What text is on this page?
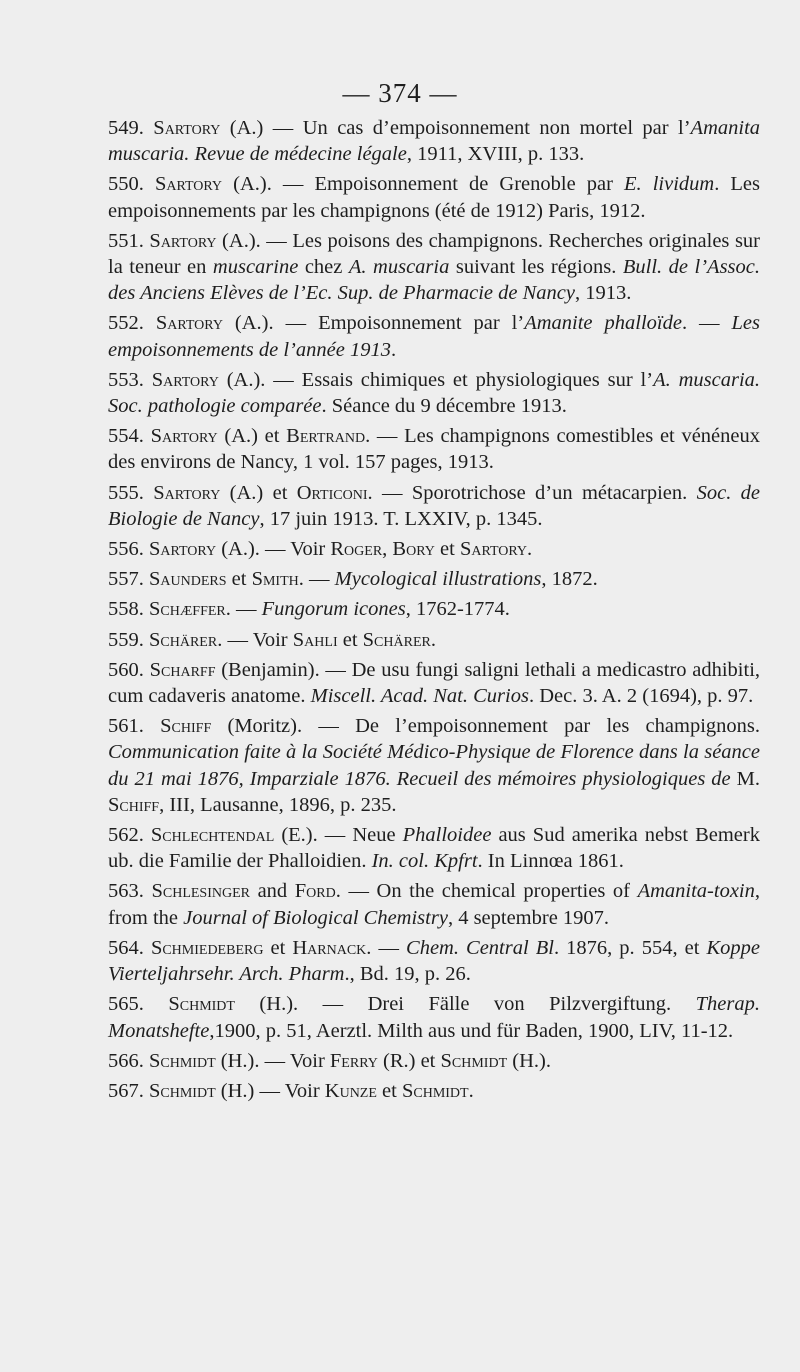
— 374 —

549. Sartory (A.) — Un cas d’empoisonnement non mortel par l’Amanita muscaria. Revue de médecine légale, 1911, XVIII, p. 133.

550. Sartory (A.). — Empoisonnement de Grenoble par E. lividum. Les empoisonnements par les champignons (été de 1912) Paris, 1912.

551. Sartory (A.). — Les poisons des champignons. Recherches originales sur la teneur en muscarine chez A. muscaria suivant les régions. Bull. de l’Assoc. des Anciens Elèves de l’Ec. Sup. de Pharmacie de Nancy, 1913.

552. Sartory (A.). — Empoisonnement par l’Amanite phalloïde. — Les empoisonnements de l’année 1913.

553. Sartory (A.). — Essais chimiques et physiologiques sur l’A. muscaria. Soc. pathologie comparée. Séance du 9 décembre 1913.

554. Sartory (A.) et Bertrand. — Les champignons comestibles et vénéneux des environs de Nancy, 1 vol. 157 pages, 1913.

555. Sartory (A.) et Orticoni. — Sporotrichose d’un métacarpien. Soc. de Biologie de Nancy, 17 juin 1913. T. LXXIV, p. 1345.

556. Sartory (A.). — Voir Roger, Bory et Sartory.

557. Saunders et Smith. — Mycological illustrations, 1872.

558. Schæffer. — Fungorum icones, 1762-1774.

559. Schärer. — Voir Sahli et Schärer.

560. Scharff (Benjamin). — De usu fungi saligni lethali a medicastro adhibiti, cum cadaveris anatome. Miscell. Acad. Nat. Curios. Dec. 3. A. 2 (1694), p. 97.

561. Schiff (Moritz). — De l’empoisonnement par les champignons. Communication faite à la Société Médico-Physique de Florence dans la séance du 21 mai 1876, Imparziale 1876. Recueil des mémoires physiologiques de M. Schiff, III, Lausanne, 1896, p. 235.

562. Schlechtendal (E.). — Neue Phalloidee aus Sud amerika nebst Bemerk ub. die Familie der Phalloidien. In. col. Kpfrt. In Linnœa 1861.

563. Schlesinger and Ford. — On the chemical properties of Amanita-toxin, from the Journal of Biological Chemistry, 4 septembre 1907.

564. Schmiedeberg et Harnack. — Chem. Central Bl. 1876, p. 554, et Koppe Vierteljahrsehr. Arch. Pharm., Bd. 19, p. 26.

565. Schmidt (H.). — Drei Fälle von Pilzvergiftung. Therap. Monatshefte,1900, p. 51, Aerztl. Milth aus und für Baden, 1900, LIV, 11-12.

566. Schmidt (H.). — Voir Ferry (R.) et Schmidt (H.).

567. Schmidt (H.) — Voir Kunze et Schmidt.
